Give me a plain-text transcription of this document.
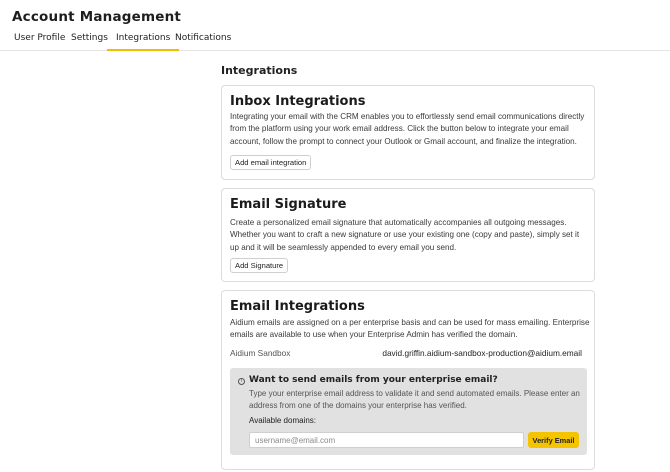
Account Management
User Profile Settings Integrations Notifications
Integrations
Inbox Integrations
Integrating your email with the CRM enables you to effortlessly send email communications directly from the platform using your work email address. Click the button below to integrate your email account, follow the prompt to connect your Outlook or Gmail account, and finalize the integration.
Add email integration
Email Signature
Create a personalized email signature that automatically accompanies all outgoing messages. Whether you want to craft a new signature or use your existing one (copy and paste), simply set it up and it will be seamlessly appended to every email you send.
Add Signature
Email Integrations
Aidium emails are assigned on a per enterprise basis and can be used for mass emailing. Enterprise emails are available to use when your Enterprise Admin has verified the domain.
Aidium Sandbox	david.griffin.aidium-sandbox-production@aidium.email
i Want to send emails from your enterprise email?
Type your enterprise email address to validate it and send automated emails. Please enter an address from one of the domains your enterprise has verified.
Available domains:
username@email.com
Verify Email
